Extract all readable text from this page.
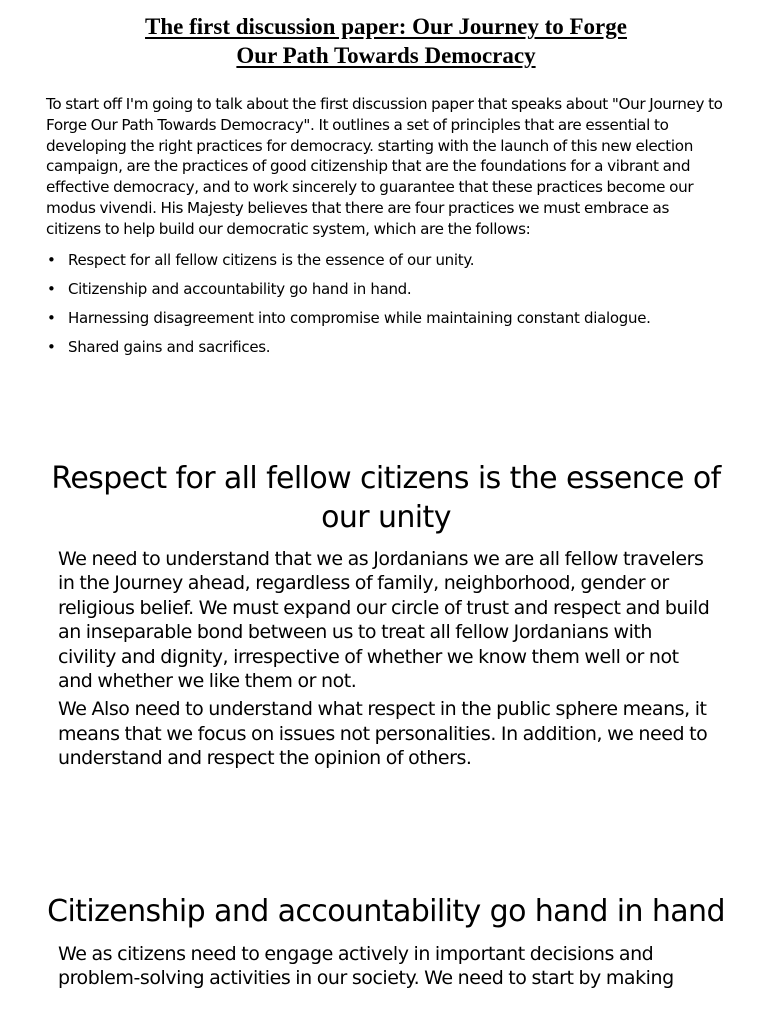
The first discussion paper: Our Journey to Forge
Our Path Towards Democracy

To start off I'm going to talk about the first discussion paper that speaks about "Our Journey to Forge Our Path Towards Democracy". It outlines a set of principles that are essential to developing the right practices for democracy. starting with the launch of this new election campaign, are the practices of good citizenship that are the foundations for a vibrant and effective democracy, and to work sincerely to guarantee that these practices become our modus vivendi. His Majesty believes that there are four practices we must embrace as citizens to help build our democratic system, which are the follows:

• Respect for all fellow citizens is the essence of our unity.
• Citizenship and accountability go hand in hand.
• Harnessing disagreement into compromise while maintaining constant dialogue.
• Shared gains and sacrifices.
Respect for all fellow citizens is the essence of our unity

We need to understand that we as Jordanians we are all fellow travelers in the Journey ahead, regardless of family, neighborhood, gender or religious belief. We must expand our circle of trust and respect and build an inseparable bond between us to treat all fellow Jordanians with civility and dignity, irrespective of whether we know them well or not and whether we like them or not.

We Also need to understand what respect in the public sphere means, it means that we focus on issues not personalities. In addition, we need to understand and respect the opinion of others.

Citizenship and accountability go hand in hand

We as citizens need to engage actively in important decisions and problem-solving activities in our society. We need to start by making
